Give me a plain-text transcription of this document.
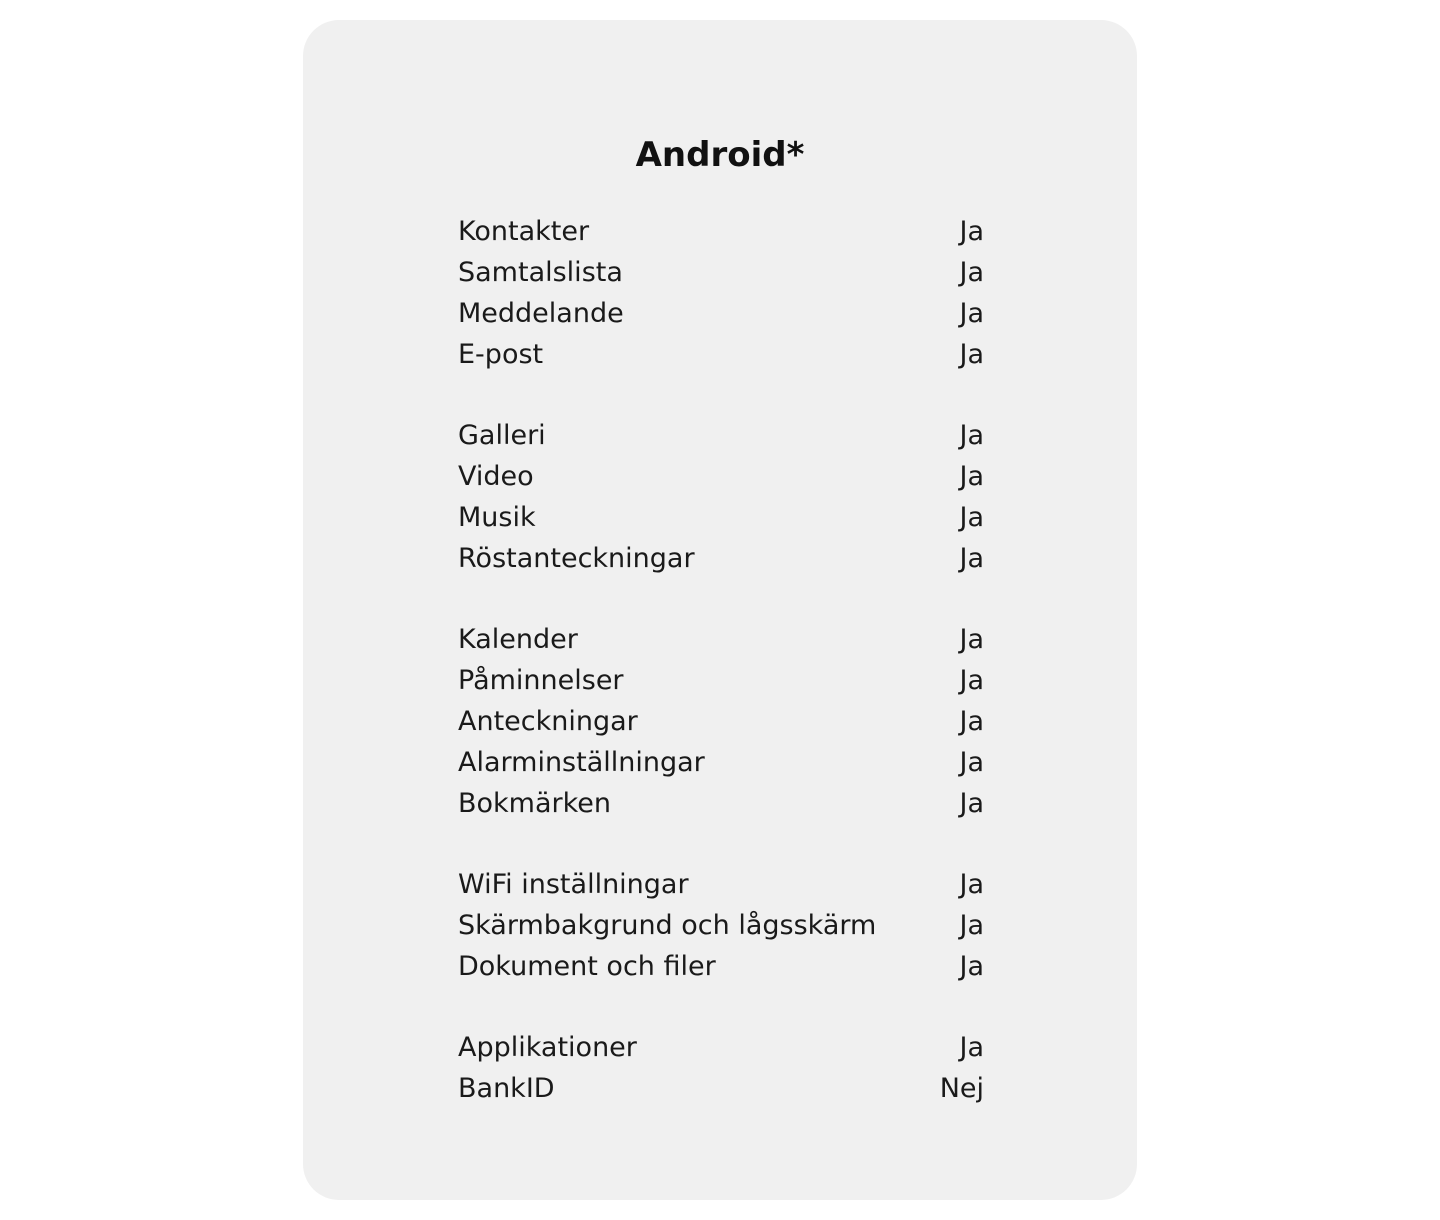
Android*
Kontakter	Ja
Samtalslista	Ja
Meddelande	Ja
E-post	Ja
Galleri	Ja
Video	Ja
Musik	Ja
Röstanteckningar	Ja
Kalender	Ja
Påminnelser	Ja
Anteckningar	Ja
Alarminställningar	Ja
Bokmärken	Ja
WiFi inställningar	Ja
Skärmbakgrund och lågsskärm	Ja
Dokument och filer	Ja
Applikationer	Ja
BankID	Nej
